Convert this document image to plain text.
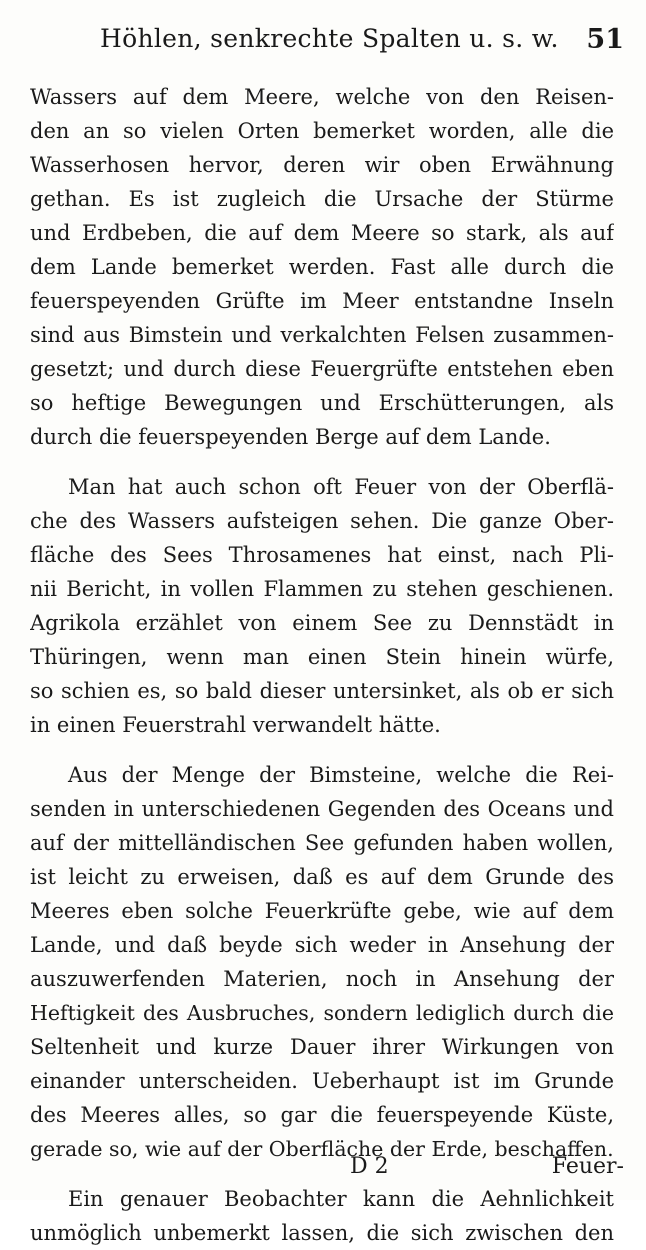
Höhlen, senkrechte Spalten u. s. w. 51
Wassers auf dem Meere, welche von den Reisen-
den an so vielen Orten bemerket worden, alle die
Wasserhosen hervor, deren wir oben Erwähnung
gethan. Es ist zugleich die Ursache der Stürme
und Erdbeben, die auf dem Meere so stark, als auf
dem Lande bemerket werden. Fast alle durch die
feuerspeyenden Grüfte im Meer entstandne Inseln
sind aus Bimstein und verkalchten Felsen zusammen-
gesetzt; und durch diese Feuergrüfte entstehen eben
so heftige Bewegungen und Erschütterungen, als
durch die feuerspeyenden Berge auf dem Lande.
Man hat auch schon oft Feuer von der Oberflä-
che des Wassers aufsteigen sehen. Die ganze Ober-
fläche des Sees Throsamenes hat einst, nach Pli-
nii Bericht, in vollen Flammen zu stehen geschienen.
Agrikola erzählet von einem See zu Dennstädt in
Thüringen, wenn man einen Stein hinein würfe,
so schien es, so bald dieser untersinket, als ob er sich
in einen Feuerstrahl verwandelt hätte.
Aus der Menge der Bimsteine, welche die Rei-
senden in unterschiedenen Gegenden des Oceans und
auf der mittelländischen See gefunden haben wollen,
ist leicht zu erweisen, daß es auf dem Grunde des
Meeres eben solche Feuerkrüfte gebe, wie auf dem
Lande, und daß beyde sich weder in Ansehung der
auszuwerfenden Materien, noch in Ansehung der
Heftigkeit des Ausbruches, sondern lediglich durch die
Seltenheit und kurze Dauer ihrer Wirkungen von
einander unterscheiden. Ueberhaupt ist im Grunde
des Meeres alles, so gar die feuerspeyende Küste,
gerade so, wie auf der Oberfläche der Erde, beschaffen.
Ein genauer Beobachter kann die Aehnlichkeit
unmöglich unbemerkt lassen, die sich zwischen den
D 2	Feuer-
